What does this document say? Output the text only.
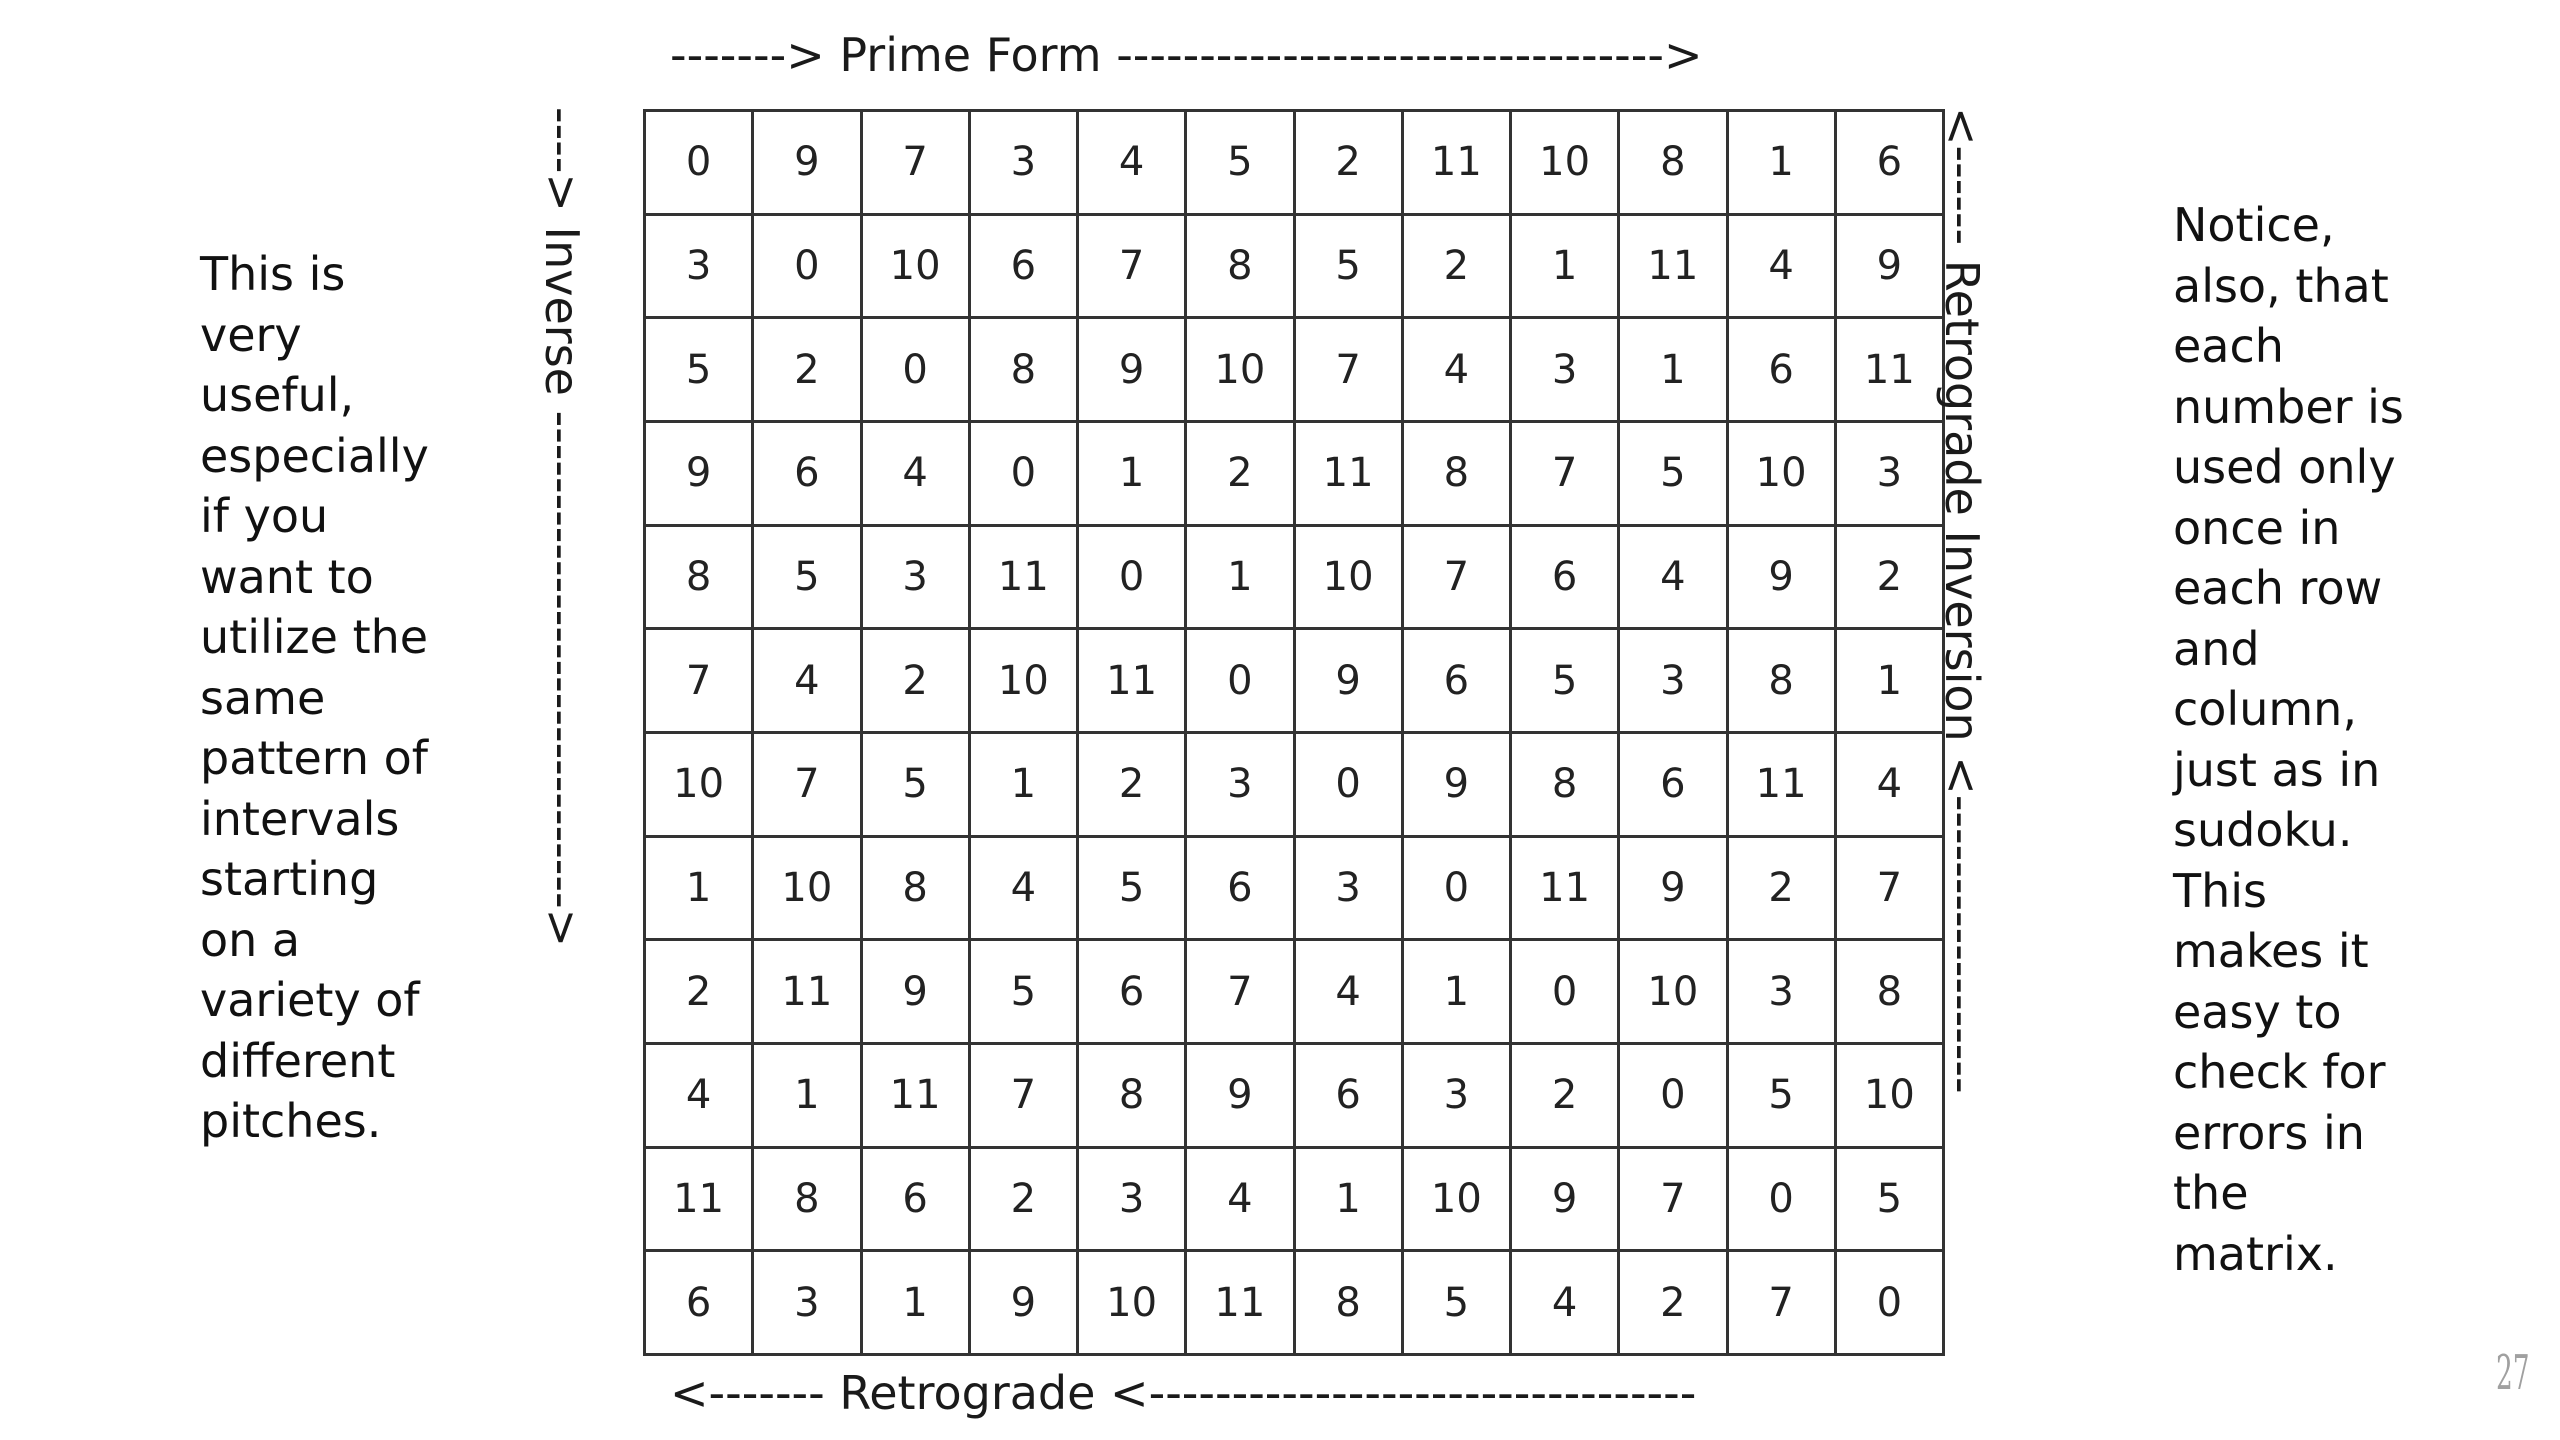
-------> Prime Form --------------------------------->
----> Inverse ------------------------------> 0	9	7	3	4	5	2	11	10	8	1	6
3	0	10	6	7	8	5	2	1	11	4	9
5	2	0	8	9	10	7	4	3	1	6	11
9	6	4	0	1	2	11	8	7	5	10	3
8	5	3	11	0	1	10	7	6	4	9	2
7	4	2	10	11	0	9	6	5	3	8	1
10	7	5	1	2	3	0	9	8	6	11	4
1	10	8	4	5	6	3	0	11	9	2	7
2	11	9	5	6	7	4	1	0	10	3	8
4	1	11	7	8	9	6	3	2	0	5	10
11	8	6	2	3	4	1	10	9	7	0	5
6	3	1	9	10	11	8	5	4	2	7	0
<------ Retrograde Inversion <------------------
<------- Retrograde <---------------------------------
This is
very
useful,
especially
if you
want to
utilize the
same
pattern of
intervals
starting
on a
variety of
different
pitches.
Notice,
also, that
each
number is
used only
once in
each row
and
column,
just as in
sudoku.
This
makes it
easy to
check for
errors in
the
matrix.
27
